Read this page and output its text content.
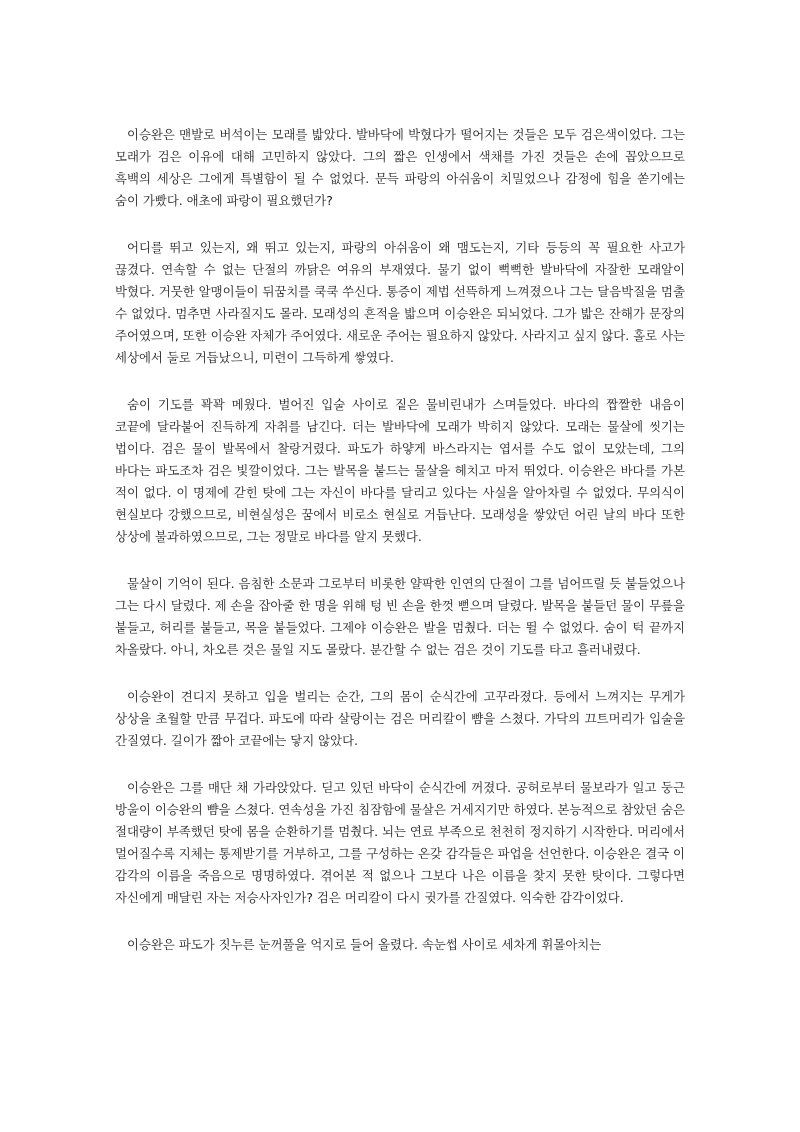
이승완은 맨발로 버석이는 모래를 밟았다. 발바닥에 박혔다가 떨어지는 것들은 모두 검은색이었다. 그는 모래가 검은 이유에 대해 고민하지 않았다. 그의 짧은 인생에서 색채를 가진 것들은 손에 꼽았으므로 흑백의 세상은 그에게 특별함이 될 수 없었다. 문득 파랑의 아쉬움이 치밀었으나 감정에 힘을 쏟기에는 숨이 가빴다. 애초에 파랑이 필요했던가?

어디를 뛰고 있는지, 왜 뛰고 있는지, 파랑의 아쉬움이 왜 맴도는지, 기타 등등의 꼭 필요한 사고가 끊겼다. 연속할 수 없는 단절의 까닭은 여유의 부재였다. 물기 없이 뻑뻑한 발바닥에 자잘한 모래알이 박혔다. 거뭇한 알맹이들이 뒤꿈치를 쿡쿡 쑤신다. 통증이 제법 선뜩하게 느껴졌으나 그는 달음박질을 멈출 수 없었다. 멈추면 사라질지도 몰라. 모래성의 흔적을 밟으며 이승완은 되뇌었다. 그가 밟은 잔해가 문장의 주어였으며, 또한 이승완 자체가 주어였다. 새로운 주어는 필요하지 않았다. 사라지고 싶지 않다. 홀로 사는 세상에서 둘로 거듭났으니, 미련이 그득하게 쌓였다.

숨이 기도를 꽉꽉 메웠다. 벌어진 입술 사이로 짙은 물비린내가 스며들었다. 바다의 짭짤한 내음이 코끝에 달라붙어 진득하게 자취를 남긴다. 더는 발바닥에 모래가 박히지 않았다. 모래는 물살에 씻기는 법이다. 검은 물이 발목에서 찰랑거렸다. 파도가 하얗게 바스라지는 엽서를 수도 없이 모았는데, 그의 바다는 파도조차 검은 빛깔이었다. 그는 발목을 붙드는 물살을 헤치고 마저 뛰었다. 이승완은 바다를 가본 적이 없다. 이 명제에 갇힌 탓에 그는 자신이 바다를 달리고 있다는 사실을 알아차릴 수 없었다. 무의식이 현실보다 강했으므로, 비현실성은 꿈에서 비로소 현실로 거듭난다. 모래성을 쌓았던 어린 날의 바다 또한 상상에 불과하였으므로, 그는 정말로 바다를 알지 못했다.

물살이 기억이 된다. 음침한 소문과 그로부터 비롯한 얄팍한 인연의 단절이 그를 넘어뜨릴 듯 붙들었으나 그는 다시 달렸다. 제 손을 잡아줄 한 명을 위해 텅 빈 손을 한껏 뻗으며 달렸다. 발목을 붙들던 물이 무릎을 붙들고, 허리를 붙들고, 목을 붙들었다. 그제야 이승완은 발을 멈췄다. 더는 뛸 수 없었다. 숨이 턱 끝까지 차올랐다. 아니, 차오른 것은 물일 지도 몰랐다. 분간할 수 없는 검은 것이 기도를 타고 흘러내렸다.

이승완이 견디지 못하고 입을 벌리는 순간, 그의 몸이 순식간에 고꾸라졌다. 등에서 느껴지는 무게가 상상을 초월할 만큼 무겁다. 파도에 따라 살랑이는 검은 머리칼이 뺨을 스쳤다. 가닥의 끄트머리가 입술을 간질였다. 길이가 짧아 코끝에는 닿지 않았다.

이승완은 그를 매단 채 가라앉았다. 딛고 있던 바닥이 순식간에 꺼졌다. 공허로부터 물보라가 일고 둥근 방울이 이승완의 뺨을 스쳤다. 연속성을 가진 침잠함에 물살은 거세지기만 하였다. 본능적으로 참았던 숨은 절대량이 부족했던 탓에 몸을 순환하기를 멈췄다. 뇌는 연료 부족으로 천천히 정지하기 시작한다. 머리에서 멀어질수록 지체는 통제받기를 거부하고, 그를 구성하는 온갖 감각들은 파업을 선언한다. 이승완은 결국 이 감각의 이름을 죽음으로 명명하였다. 겪어본 적 없으나 그보다 나은 이름을 찾지 못한 탓이다. 그렇다면 자신에게 매달린 자는 저승사자인가? 검은 머리칼이 다시 귓가를 간질였다. 익숙한 감각이었다.

이승완은 파도가 짓누른 눈꺼풀을 억지로 들어 올렸다. 속눈썹 사이로 세차게 휘몰아치는
